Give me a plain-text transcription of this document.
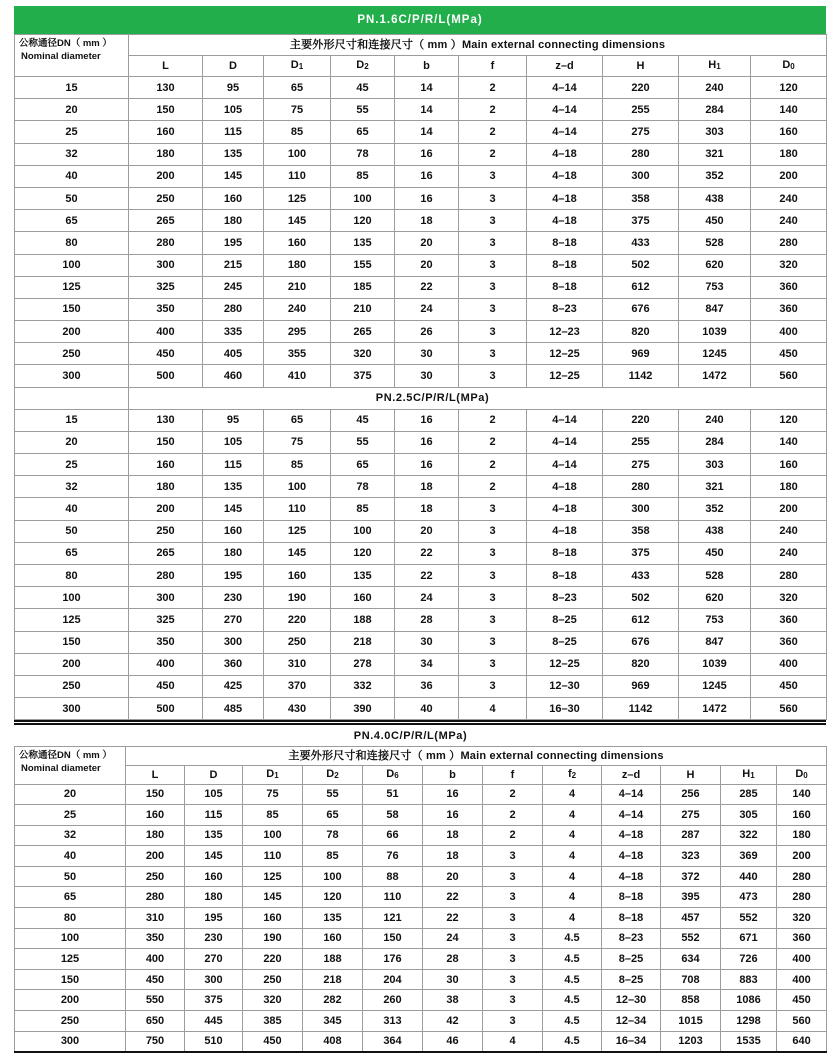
PN.1.6C/P/R/L(MPa)
公称通径DN（ mm ）
Nominal diameter	主要外形尺寸和连接尺寸（ mm ）Main external connecting dimensions									
	L	D	D1	D2	b	f	z–d	H	H1	D0
15	130	95	65	45	14	2	4–14	220	240	120
20	150	105	75	55	14	2	4–14	255	284	140
25	160	115	85	65	14	2	4–14	275	303	160
32	180	135	100	78	16	2	4–18	280	321	180
40	200	145	110	85	16	3	4–18	300	352	200
50	250	160	125	100	16	3	4–18	358	438	240
65	265	180	145	120	18	3	4–18	375	450	240
80	280	195	160	135	20	3	8–18	433	528	280
100	300	215	180	155	20	3	8–18	502	620	320
125	325	245	210	185	22	3	8–18	612	753	360
150	350	280	240	210	24	3	8–23	676	847	360
200	400	335	295	265	26	3	12–23	820	1039	400
250	450	405	355	320	30	3	12–25	969	1245	450
300	500	460	410	375	30	3	12–25	1142	1472	560
	PN.2.5C/P/R/L(MPa)									
15	130	95	65	45	16	2	4–14	220	240	120
20	150	105	75	55	16	2	4–14	255	284	140
25	160	115	85	65	16	2	4–14	275	303	160
32	180	135	100	78	18	2	4–18	280	321	180
40	200	145	110	85	18	3	4–18	300	352	200
50	250	160	125	100	20	3	4–18	358	438	240
65	265	180	145	120	22	3	8–18	375	450	240
80	280	195	160	135	22	3	8–18	433	528	280
100	300	230	190	160	24	3	8–23	502	620	320
125	325	270	220	188	28	3	8–25	612	753	360
150	350	300	250	218	30	3	8–25	676	847	360
200	400	360	310	278	34	3	12–25	820	1039	400
250	450	425	370	332	36	3	12–30	969	1245	450
300	500	485	430	390	40	4	16–30	1142	1472	560
PN.4.0C/P/R/L(MPa)												

公称通径DN（ mm ）
Nominal diameter	主要外形尺寸和连接尺寸（ mm ）Main external connecting dimensions											
	L	D	D1	D2	D6	b	f	f2	z–d	H	H1	D0
20	150	105	75	55	51	16	2	4	4–14	256	285	140
25	160	115	85	65	58	16	2	4	4–14	275	305	160
32	180	135	100	78	66	18	2	4	4–18	287	322	180
40	200	145	110	85	76	18	3	4	4–18	323	369	200
50	250	160	125	100	88	20	3	4	4–18	372	440	280
65	280	180	145	120	110	22	3	4	8–18	395	473	280
80	310	195	160	135	121	22	3	4	8–18	457	552	320
100	350	230	190	160	150	24	3	4.5	8–23	552	671	360
125	400	270	220	188	176	28	3	4.5	8–25	634	726	400
150	450	300	250	218	204	30	3	4.5	8–25	708	883	400
200	550	375	320	282	260	38	3	4.5	12–30	858	1086	450
250	650	445	385	345	313	42	3	4.5	12–34	1015	1298	560
300	750	510	450	408	364	46	4	4.5	16–34	1203	1535	640
